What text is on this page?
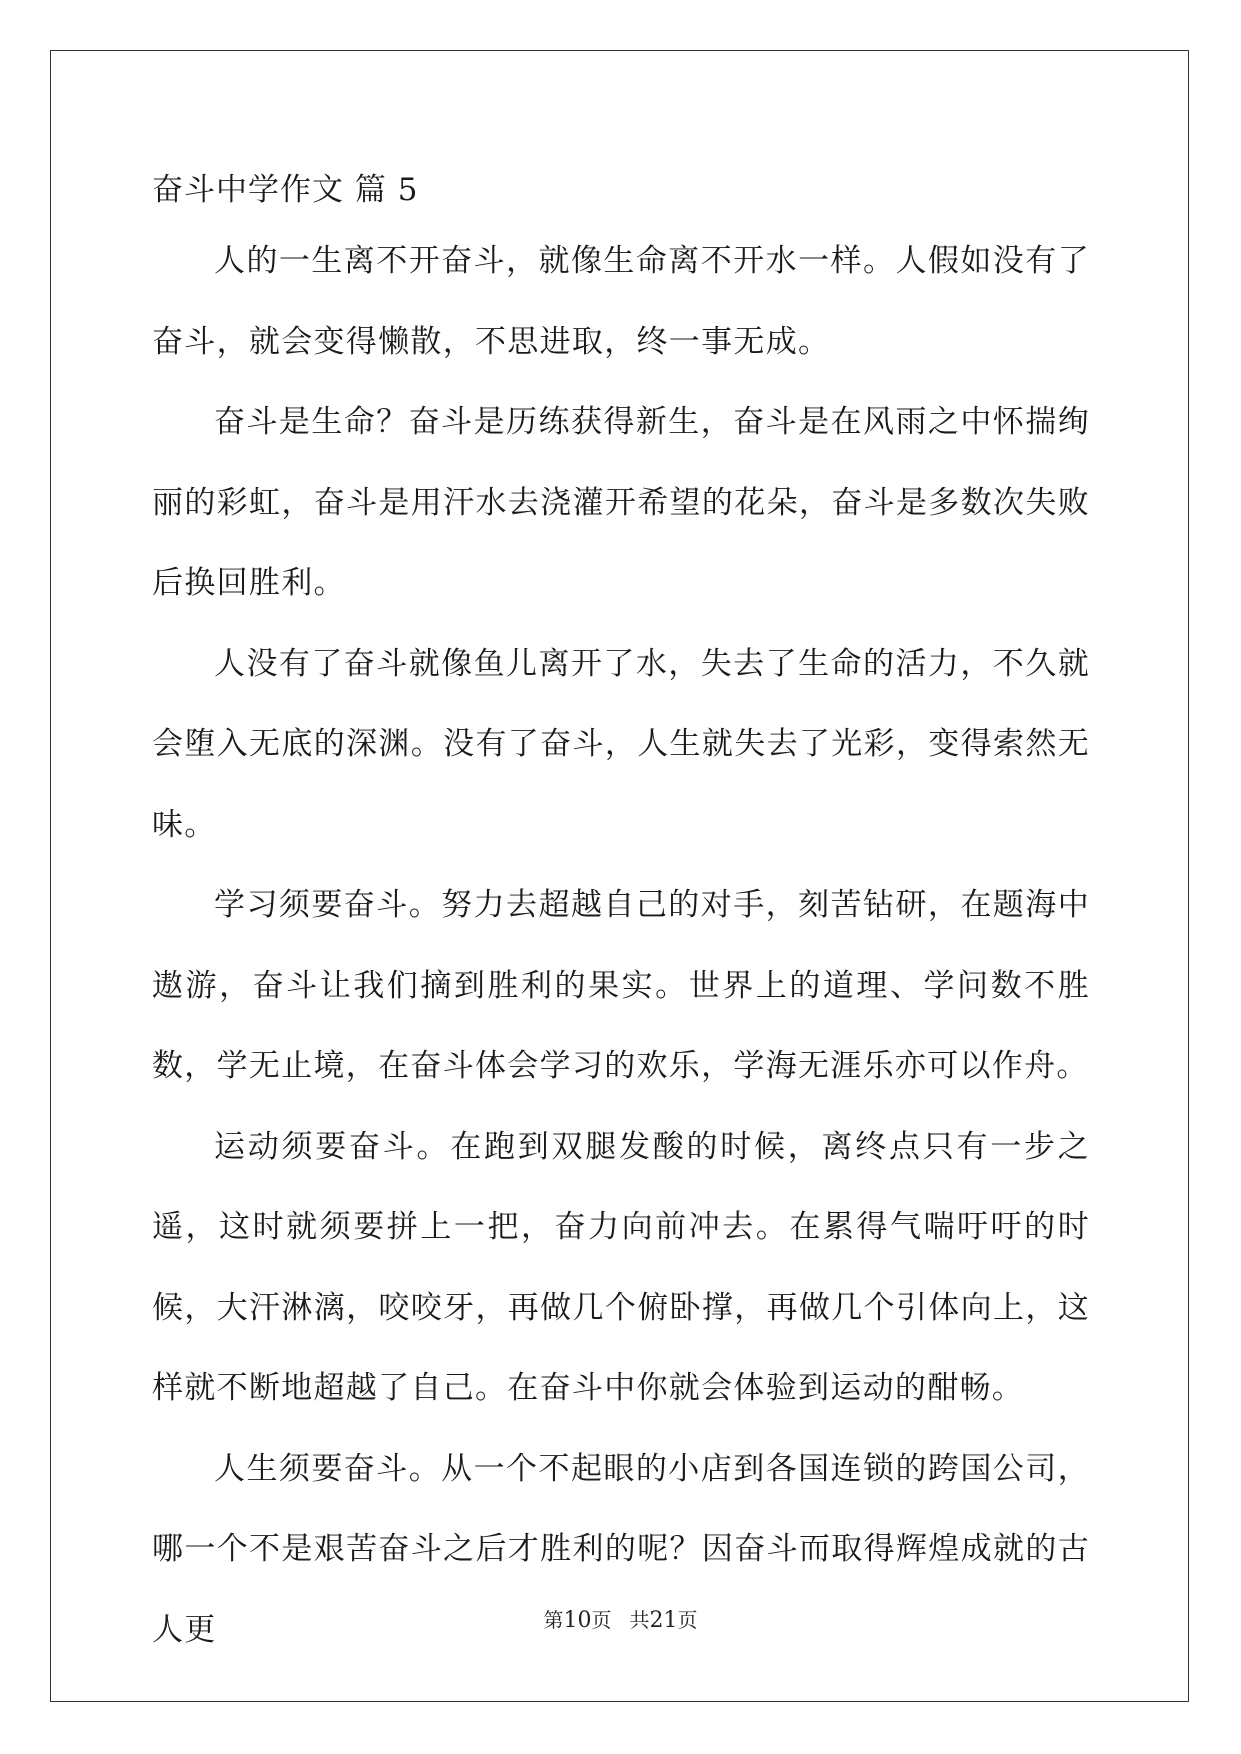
奋斗中学作文 篇 5

人的一生离不开奋斗，就像生命离不开水一样。人假如没有了奋斗，就会变得懒散，不思进取，终一事无成。

奋斗是生命？奋斗是历练获得新生，奋斗是在风雨之中怀揣绚丽的彩虹，奋斗是用汗水去浇灌开希望的花朵，奋斗是多数次失败后换回胜利。

人没有了奋斗就像鱼儿离开了水，失去了生命的活力，不久就会堕入无底的深渊。没有了奋斗，人生就失去了光彩，变得索然无味。

学习须要奋斗。努力去超越自己的对手，刻苦钻研，在题海中遨游，奋斗让我们摘到胜利的果实。世界上的道理、学问数不胜数，学无止境，在奋斗体会学习的欢乐，学海无涯乐亦可以作舟。

运动须要奋斗。在跑到双腿发酸的时候，离终点只有一步之遥，这时就须要拼上一把，奋力向前冲去。在累得气喘吁吁的时候，大汗淋漓，咬咬牙，再做几个俯卧撑，再做几个引体向上，这样就不断地超越了自己。在奋斗中你就会体验到运动的酣畅。

人生须要奋斗。从一个不起眼的小店到各国连锁的跨国公司，哪一个不是艰苦奋斗之后才胜利的呢？因奋斗而取得辉煌成就的古人更	第10页 共21页
